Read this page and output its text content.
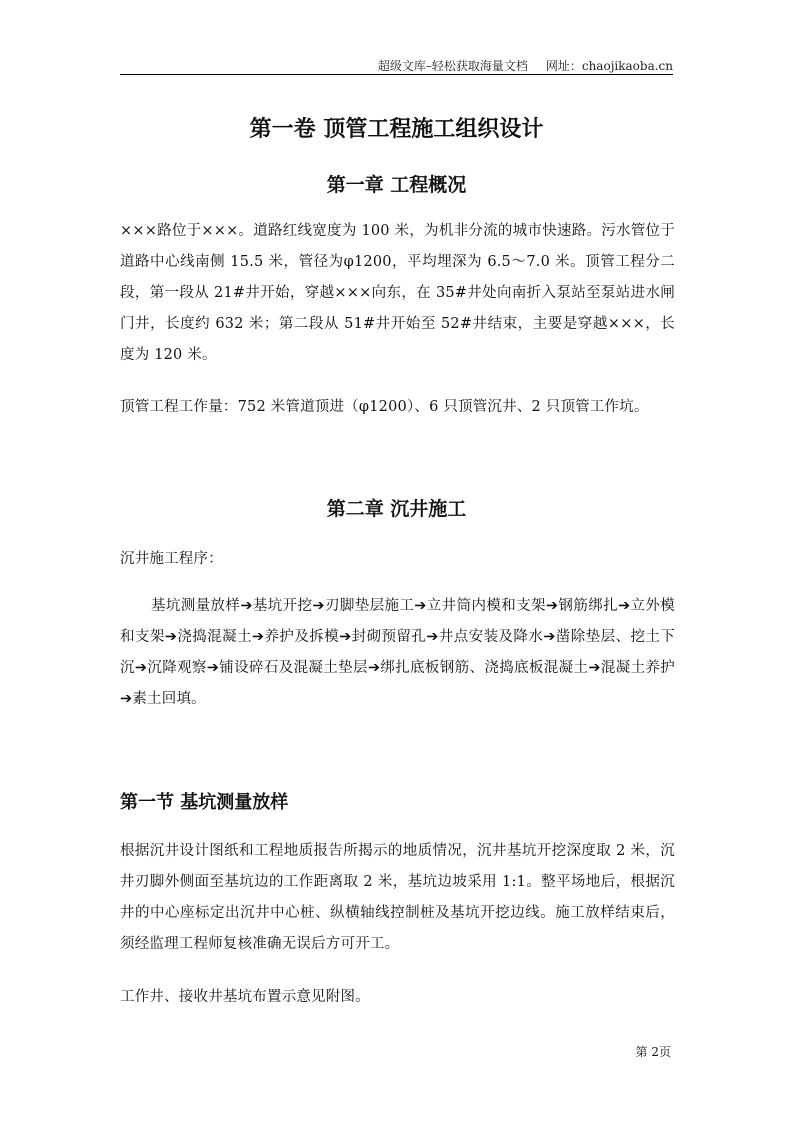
超级文库–轻松获取海量文档 网址：chaojikaoba.cn
第一卷 顶管工程施工组织设计
第一章 工程概况
×××路位于×××。道路红线宽度为 100 米，为机非分流的城市快速路。污水管位于道路中心线南侧 15.5 米，管径为φ1200，平均埋深为 6.5～7.0 米。顶管工程分二段，第一段从 21#井开始，穿越×××向东，在 35#井处向南折入泵站至泵站进水闸门井，长度约 632 米；第二段从 51#井开始至 52#井结束，主要是穿越×××，长度为 120 米。
顶管工程工作量：752 米管道顶进（φ1200）、6 只顶管沉井、2 只顶管工作坑。
第二章 沉井施工
沉井施工程序：
基坑测量放样➔基坑开挖➔刃脚垫层施工➔立井筒内模和支架➔钢筋绑扎➔立外模和支架➔浇捣混凝土➔养护及拆模➔封砌预留孔➔井点安装及降水➔凿除垫层、挖土下沉➔沉降观察➔铺设碎石及混凝土垫层➔绑扎底板钢筋、浇捣底板混凝土➔混凝土养护➔素土回填。
第一节 基坑测量放样
根据沉井设计图纸和工程地质报告所揭示的地质情况，沉井基坑开挖深度取 2 米，沉井刃脚外侧面至基坑边的工作距离取 2 米，基坑边坡采用 1:1。整平场地后，根据沉井的中心座标定出沉井中心桩、纵横轴线控制桩及基坑开挖边线。施工放样结束后，须经监理工程师复核准确无误后方可开工。
工作井、接收井基坑布置示意见附图。
第 2页
